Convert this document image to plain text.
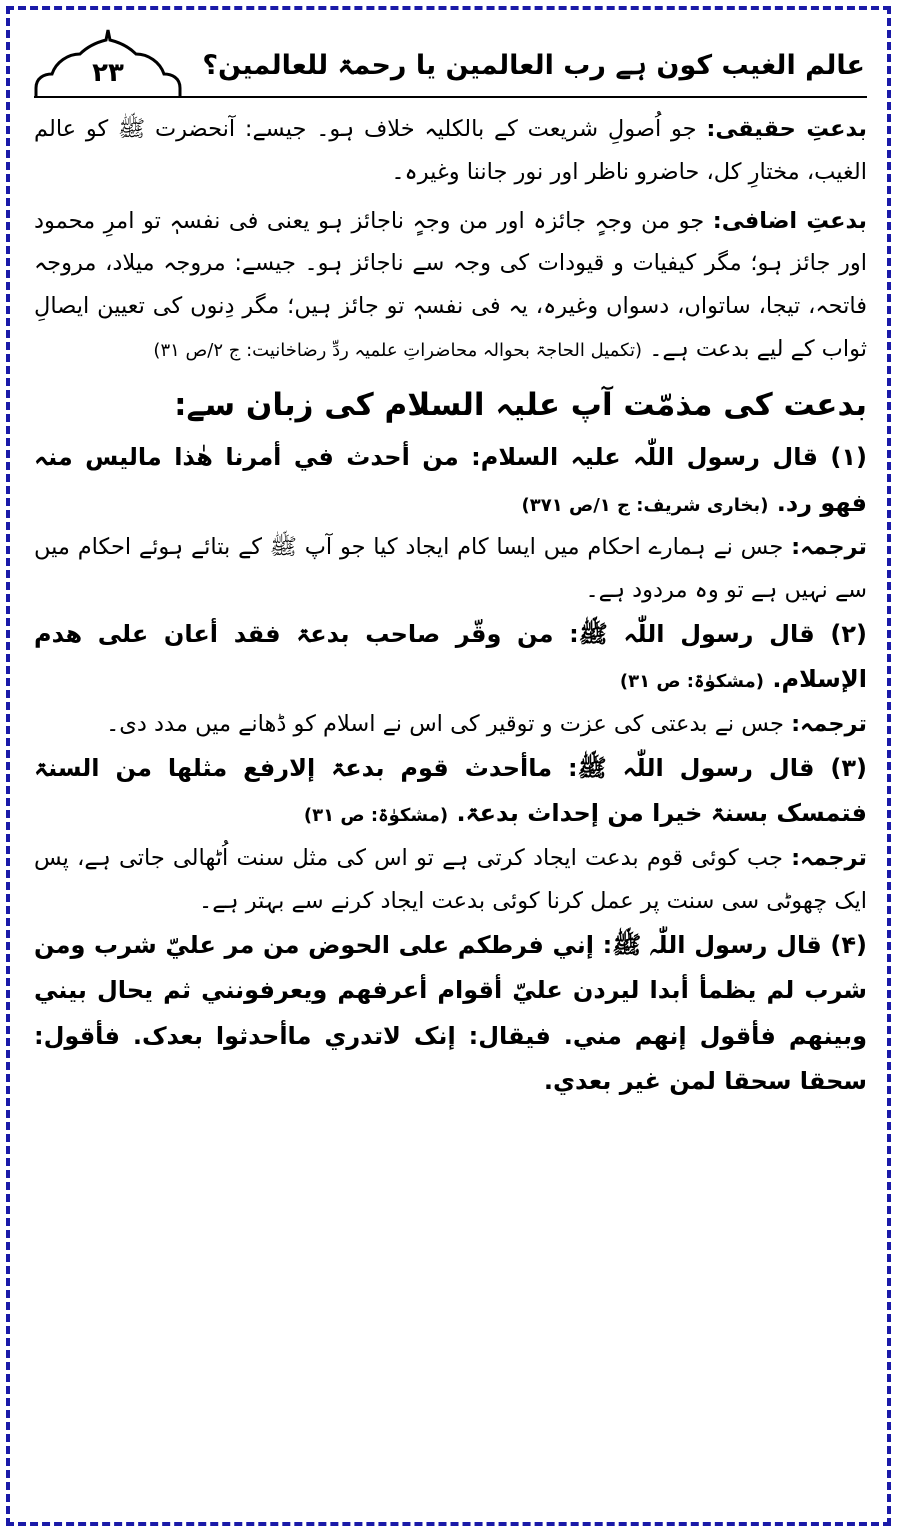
عالم الغیب کون ہے رب العالمین یا رحمۃ للعالمین؟
۲۳

بدعتِ حقیقی: جو اُصولِ شریعت کے بالکلیہ خلاف ہو۔ جیسے: آنحضرت ﷺ کو عالم الغیب، مختارِ کل، حاضرو ناظر اور نور جاننا وغیرہ۔

بدعتِ اضافی: جو من وجہٍ جائزہ اور من وجہٍ ناجائز ہو یعنی فی نفسہٖ تو امرِ محمود اور جائز ہو؛ مگر کیفیات و قیودات کی وجہ سے ناجائز ہو۔ جیسے: مروجہ میلاد، مروجہ فاتحہ، تیجا، ساتواں، دسواں وغیرہ، یہ فی نفسہٖ تو جائز ہیں؛ مگر دِنوں کی تعیین ایصالِ ثواب کے لیے بدعت ہے۔ (تکمیل الحاجۃ بحوالہ محاضراتِ علمیہ ردِّ رضاخانیت: ج ۲/ص ۳۱)

بدعت کی مذمّت آپ علیہ السلام کی زبان سے:

(۱) قال رسول اللّٰہ علیہ السلام: من أحدث في أمرنا ھٰذا مالیس منہ فھو رد. (بخاری شریف: ج ۱/ص ۳۷۱)

ترجمہ: جس نے ہمارے احکام میں ایسا کام ایجاد کیا جو آپ ﷺ کے بتائے ہوئے احکام میں سے نہیں ہے تو وہ مردود ہے۔

(۲) قال رسول اللّٰہ ﷺ: من وقّر صاحب بدعۃ فقد أعان علی ھدم الإسلام. (مشکوٰۃ: ص ۳۱)

ترجمہ: جس نے بدعتی کی عزت و توقیر کی اس نے اسلام کو ڈھانے میں مدد دی۔

(۳) قال رسول اللّٰہ ﷺ: ماأحدث قوم بدعۃ إلارفع مثلھا من السنۃ فتمسک بسنۃ خیرا من إحداث بدعۃ. (مشکوٰۃ: ص ۳۱)

ترجمہ: جب کوئی قوم بدعت ایجاد کرتی ہے تو اس کی مثل سنت اُٹھالی جاتی ہے، پس ایک چھوٹی سی سنت پر عمل کرنا کوئی بدعت ایجاد کرنے سے بہتر ہے۔

(۴) قال رسول اللّٰہ ﷺ: إني فرطکم علی الحوض من مر عليّ شرب ومن شرب لم یظمأ أبدا لیردن عليّ أقوام أعرفھم ویعرفونني ثم یحال بیني وبینھم فأقول إنھم مني. فیقال: إنک لاتدري ماأحدثوا بعدک. فأقول: سحقا سحقا لمن غیر بعدي.
